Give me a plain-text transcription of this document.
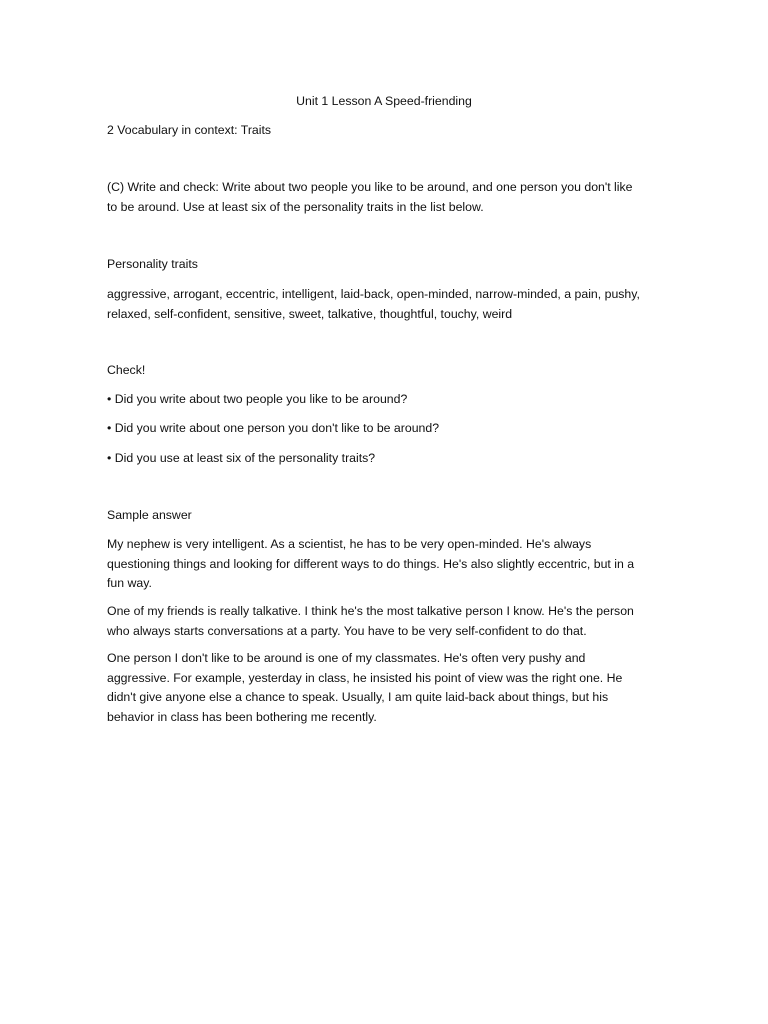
Unit 1 Lesson A Speed-friending
2 Vocabulary in context: Traits
(C) Write and check: Write about two people you like to be around, and one person you don't like
to be around. Use at least six of the personality traits in the list below.
Personality traits
aggressive, arrogant, eccentric, intelligent, laid-back, open-minded, narrow-minded, a pain, pushy,
relaxed, self-confident, sensitive, sweet, talkative, thoughtful, touchy, weird
Check!
• Did you write about two people you like to be around?
• Did you write about one person you don't like to be around?
• Did you use at least six of the personality traits?
Sample answer
My nephew is very intelligent. As a scientist, he has to be very open-minded. He's always
questioning things and looking for different ways to do things. He's also slightly eccentric, but in a
fun way.
One of my friends is really talkative. I think he's the most talkative person I know. He's the person
who always starts conversations at a party. You have to be very self-confident to do that.
One person I don't like to be around is one of my classmates. He's often very pushy and
aggressive. For example, yesterday in class, he insisted his point of view was the right one. He
didn't give anyone else a chance to speak. Usually, I am quite laid-back about things, but his
behavior in class has been bothering me recently.
